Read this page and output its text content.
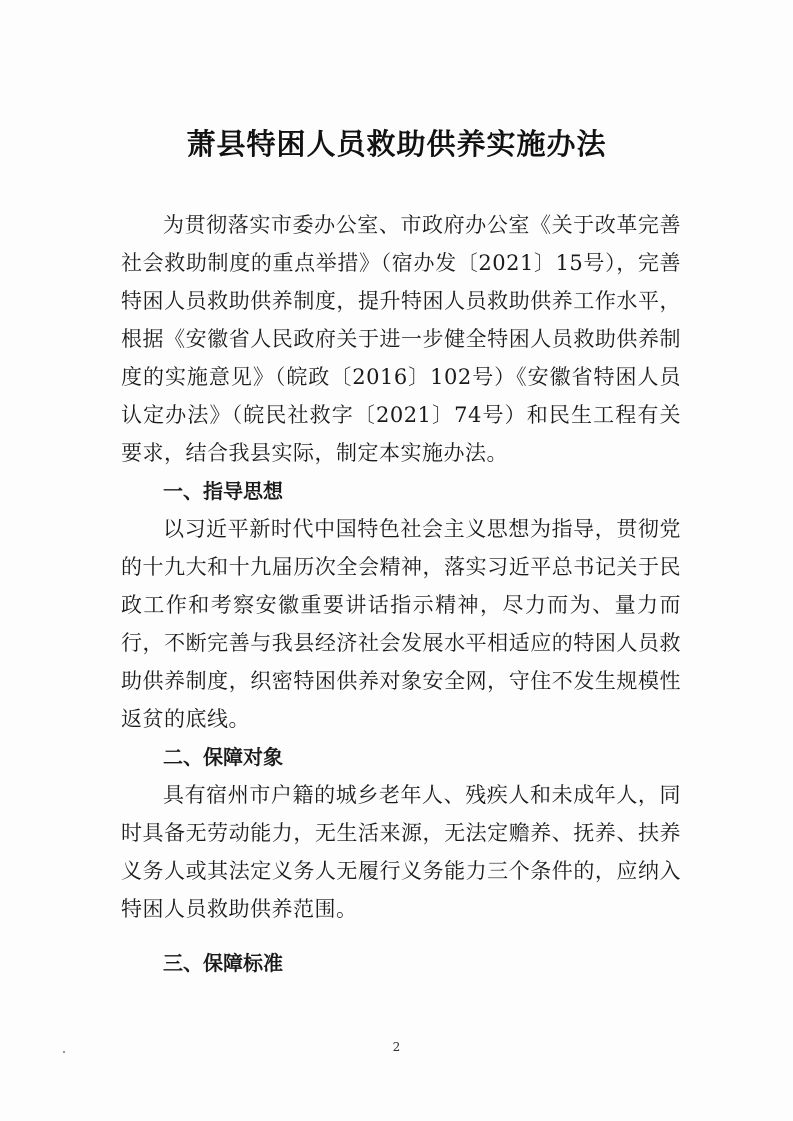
萧县特困人员救助供养实施办法

为贯彻落实市委办公室、市政府办公室《关于改革完善社会救助制度的重点举措》（宿办发〔2021〕15号），完善特困人员救助供养制度，提升特困人员救助供养工作水平，根据《安徽省人民政府关于进一步健全特困人员救助供养制度的实施意见》（皖政〔2016〕102号）《安徽省特困人员认定办法》（皖民社救字〔2021〕74号）和民生工程有关要求，结合我县实际，制定本实施办法。

一、指导思想

以习近平新时代中国特色社会主义思想为指导，贯彻党的十九大和十九届历次全会精神，落实习近平总书记关于民政工作和考察安徽重要讲话指示精神，尽力而为、量力而行，不断完善与我县经济社会发展水平相适应的特困人员救助供养制度，织密特困供养对象安全网，守住不发生规模性返贫的底线。

二、保障对象

具有宿州市户籍的城乡老年人、残疾人和未成年人，同时具备无劳动能力，无生活来源，无法定赡养、抚养、扶养义务人或其法定义务人无履行义务能力三个条件的，应纳入特困人员救助供养范围。

三、保障标准
2
